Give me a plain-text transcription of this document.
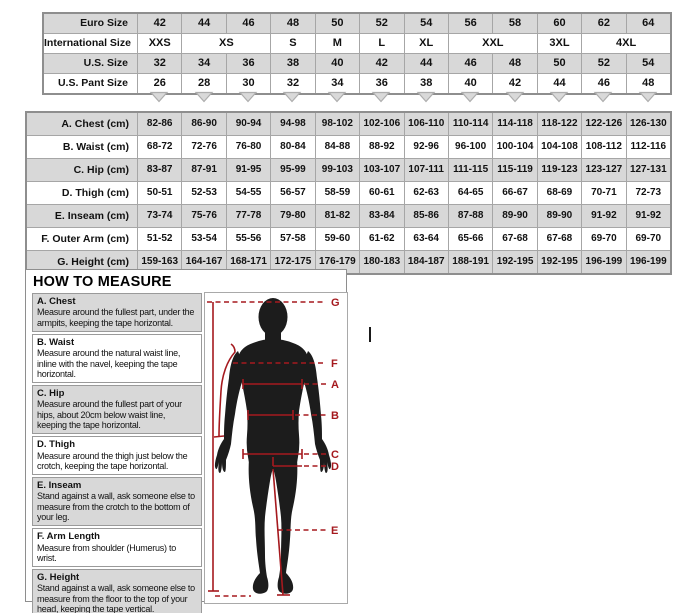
Euro Size	42	44	46	48	50	52	54	56	58	60	62	64
International Size	XXS	XS	S	M	L	XL	XXL	3XL	4XL
U.S. Size	32	34	36	38	40	42	44	46	48	50	52	54
U.S. Pant Size	26	28	30	32	34	36	38	40	42	44	46	48
A. Chest (cm)	82-86	86-90	90-94	94-98	98-102	102-106 106-110 110-114 114-118 118-122 122-126 126-130
B. Waist (cm)	68-72	72-76	76-80	80-84	84-88	88-92	92-96	96-100	100-104 104-108 108-112 112-116
C. Hip (cm)	83-87	87-91	91-95	95-99	99-103	103-107 107-111 111-115 115-119 119-123 123-127 127-131
D. Thigh (cm)	50-51	52-53	54-55	56-57	58-59	60-61	62-63	64-65	66-67	68-69	70-71	72-73
E. Inseam (cm)	73-74	75-76	77-78	79-80	81-82	83-84	85-86	87-88	89-90	89-90	91-92	91-92
F. Outer Arm (cm)	51-52	53-54	55-56	57-58	59-60	61-62	63-64	65-66	67-68	67-68	69-70	69-70
G. Height (cm)	159-163 164-167 168-171 172-175 176-179 180-183 184-187 188-191 192-195 192-195 196-199 196-199
HOW TO MEASURE
A. Chest
Measure around the fullest part, under the armpits, keeping the tape horizontal.
B. Waist
Measure around the natural waist line, inline with the navel, keeping the tape horizontal.
C. Hip
Measure around the fullest part of your hips, about 20cm below waist line, keeping the tape horizontal.
D. Thigh
Measure around the thigh just below the crotch, keeping the tape horizontal.
E. Inseam
Stand against a wall, ask someone else to measure from the crotch to the bottom of your leg.
F. Arm Length
Measure from shoulder (Humerus) to wrist.
G. Height
Stand against a wall, ask someone else to measure from the floor to the top of your head, keeping the tape vertical.
G
F
A
B
C
D
E
